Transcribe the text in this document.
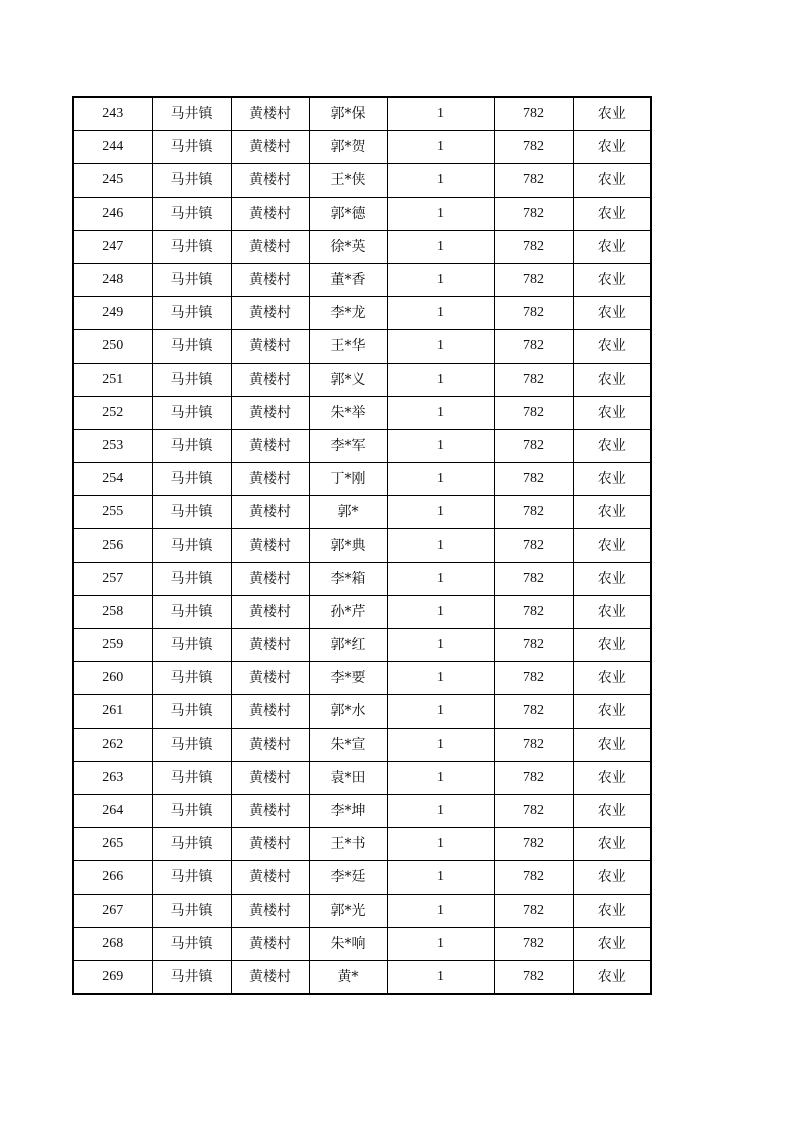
243	马井镇	黄楼村	郭*保	1	782	农业
244	马井镇	黄楼村	郭*贺	1	782	农业
245	马井镇	黄楼村	王*侠	1	782	农业
246	马井镇	黄楼村	郭*德	1	782	农业
247	马井镇	黄楼村	徐*英	1	782	农业
248	马井镇	黄楼村	董*香	1	782	农业
249	马井镇	黄楼村	李*龙	1	782	农业
250	马井镇	黄楼村	王*华	1	782	农业
251	马井镇	黄楼村	郭*义	1	782	农业
252	马井镇	黄楼村	朱*举	1	782	农业
253	马井镇	黄楼村	李*军	1	782	农业
254	马井镇	黄楼村	丁*刚	1	782	农业
255	马井镇	黄楼村	郭*	1	782	农业
256	马井镇	黄楼村	郭*典	1	782	农业
257	马井镇	黄楼村	李*箱	1	782	农业
258	马井镇	黄楼村	孙*芹	1	782	农业
259	马井镇	黄楼村	郭*红	1	782	农业
260	马井镇	黄楼村	李*要	1	782	农业
261	马井镇	黄楼村	郭*水	1	782	农业
262	马井镇	黄楼村	朱*宣	1	782	农业
263	马井镇	黄楼村	袁*田	1	782	农业
264	马井镇	黄楼村	李*坤	1	782	农业
265	马井镇	黄楼村	王*书	1	782	农业
266	马井镇	黄楼村	李*廷	1	782	农业
267	马井镇	黄楼村	郭*光	1	782	农业
268	马井镇	黄楼村	朱*响	1	782	农业
269	马井镇	黄楼村	黄*	1	782	农业
